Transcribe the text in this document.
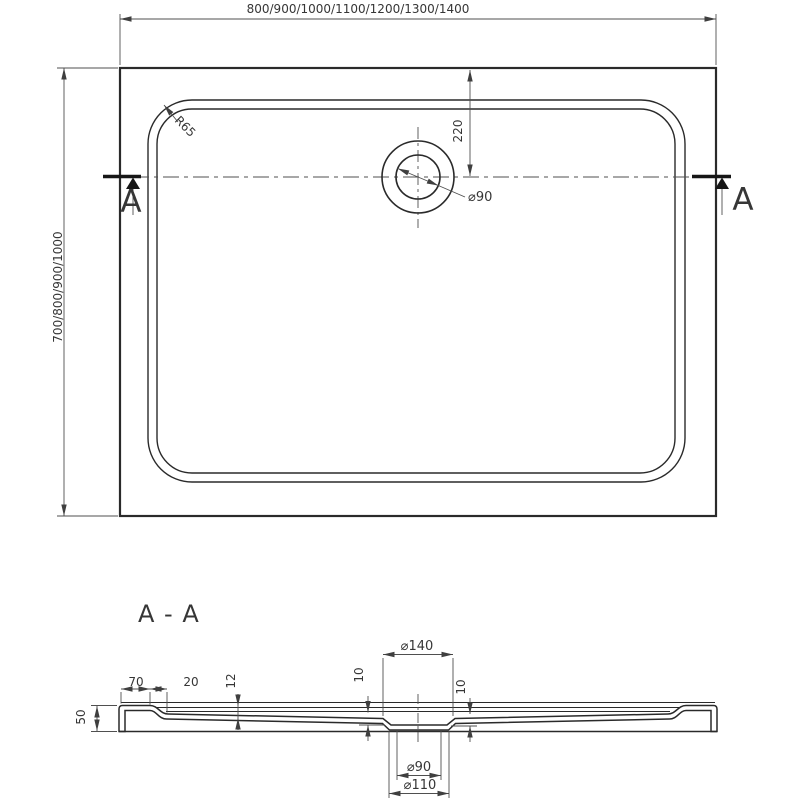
A	A
800/900/1000/1100/1200/1300/1400
700/800/900/1000
220
⌀90
R65
A - A
70	20 12
⌀140
10
10
50
⌀90
⌀110
